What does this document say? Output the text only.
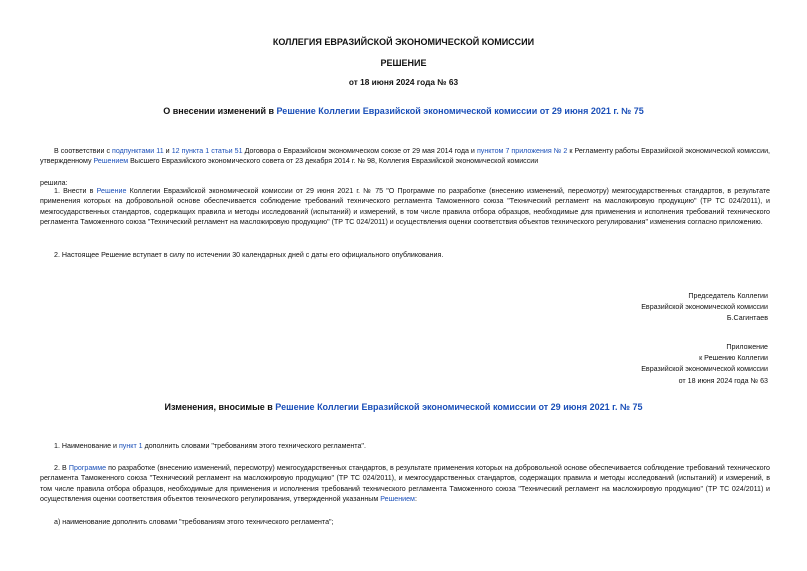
КОЛЛЕГИЯ ЕВРАЗИЙСКОЙ ЭКОНОМИЧЕСКОЙ КОМИССИИ
РЕШЕНИЕ
от 18 июня 2024 года № 63
О внесении изменений в Решение Коллегии Евразийской экономической комиссии от 29 июня 2021 г. № 75
В соответствии с подпунктами 11 и 12 пункта 1 статьи 51 Договора о Евразийском экономическом союзе от 29 мая 2014 года и пунктом 7 приложения № 2 к Регламенту работы Евразийской экономической комиссии, утвержденному Решением Высшего Евразийского экономического совета от 23 декабря 2014 г. № 98, Коллегия Евразийской экономической комиссии
решила:
1. Внести в Решение Коллегии Евразийской экономической комиссии от 29 июня 2021 г. № 75 "О Программе по разработке (внесению изменений, пересмотру) межгосударственных стандартов, в результате применения которых на добровольной основе обеспечивается соблюдение требований технического регламента Таможенного союза "Технический регламент на масложировую продукцию" (ТР ТС 024/2011), и межгосударственных стандартов, содержащих правила и методы исследований (испытаний) и измерений, в том числе правила отбора образцов, необходимые для применения и исполнения требований технического регламента Таможенного союза "Технический регламент на масложировую продукцию" (ТР ТС 024/2011) и осуществления оценки соответствия объектов технического регулирования" изменения согласно приложению.
2. Настоящее Решение вступает в силу по истечении 30 календарных дней с даты его официального опубликования.
Председатель Коллегии
Евразийской экономической комиссии
Б.Сагинтаев
Приложение
к Решению Коллегии
Евразийской экономической комиссии
от 18 июня 2024 года № 63
Изменения, вносимые в Решение Коллегии Евразийской экономической комиссии от 29 июня 2021 г. № 75
1. Наименование и пункт 1 дополнить словами "требованиям этого технического регламента".
2. В Программе по разработке (внесению изменений, пересмотру) межгосударственных стандартов, в результате применения которых на добровольной основе обеспечивается соблюдение требований технического регламента Таможенного союза "Технический регламент на масложировую продукцию" (ТР ТС 024/2011), и межгосударственных стандартов, содержащих правила и методы исследований (испытаний) и измерений, в том числе правила отбора образцов, необходимые для применения и исполнения требований технического регламента Таможенного союза "Технический регламент на масложировую продукцию" (ТР ТС 024/2011) и осуществления оценки соответствия объектов технического регулирования, утвержденной указанным Решением:
а) наименование дополнить словами "требованиям этого технического регламента";
